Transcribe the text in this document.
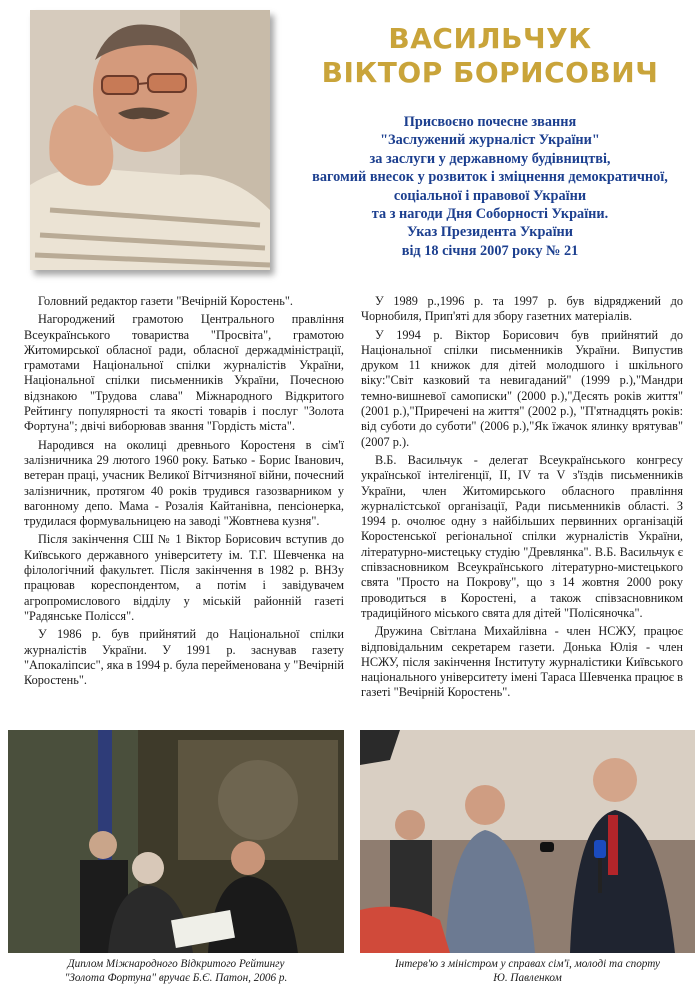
ВАСИЛЬЧУК
ВІКТОР БОРИСОВИЧ
Присвоєно почесне звання
"Заслужений журналіст України"
за заслуги у державному будівництві,
вагомий внесок у розвиток і зміцнення демократичної,
соціальної і правової України
та з нагоди Дня Соборності України.
Указ Президента України
від 18 січня 2007 року № 21

Головний редактор газети "Вечірній Коростень".

Нагороджений грамотою Центрального правління Всеукраїнського товариства "Просвіта", грамотою Житомирської обласної ради, обласної держадміністрації, грамотами Національної спілки журналістів України, Національної спілки письменників України, Почесною відзнакою "Трудова слава" Міжнародного Відкритого Рейтингу популярності та якості товарів і послуг "Золота Фортуна"; двічі виборював звання "Гордість міста".

Народився на околиці древнього Коростеня в сім'ї залізничника 29 лютого 1960 року. Батько - Борис Іванович, ветеран праці, учасник Великої Вітчизняної війни, почесний залізничник, протягом 40 років трудився газозварником у вагонному депо. Мама - Розалія Кайтанівна, пенсіонерка, трудилася формувальницею на заводі "Жовтнева кузня".

Після закінчення СШ № 1 Віктор Борисович вступив до Київського державного університету ім. Т.Г. Шевченка на філологічний факультет. Після закінчення в 1982 р. ВНЗу працював кореспондентом, а потім і завідувачем агропромислового відділу у міській районній газеті "Радянське Полісся".

У 1986 р. був прийнятий до Національної спілки журналістів України. У 1991 р. заснував газету "Апокаліпсис", яка в 1994 р. була перейменована у "Вечірній Коростень".

У 1989 р.,1996 р. та 1997 р. був відряджений до Чорнобиля, Прип'яті для збору газетних матеріалів.

У 1994 р. Віктор Борисович був прийнятий до Національної спілки письменників України. Випустив друком 11 книжок для дітей молодшого і шкільного віку:"Світ казковий та невигаданий" (1999 р.),"Мандри темно-вишневої самописки" (2000 р.),"Десять років життя" (2001 р.),"Приречені на життя" (2002 р.), "П'ятнадцять років: від суботи до суботи" (2006 р.),"Як їжачок ялинку врятував" (2007 р.).

В.Б. Васильчук - делегат Всеукраїнського конгресу української інтелігенції, ІІ, IV та V з'їздів письменників України, член Житомирського обласного правління журналістської організації, Ради письменників області. З 1994 р. очолює одну з найбільших первинних організацій Коростенської регіональної спілки журналістів України, літературно-мистецьку студію "Древлянка". В.Б. Васильчук є співзасновником Всеукраїнського літературно-мистецького свята "Просто на Покрову", що з 14 жовтня 2000 року проводиться в Коростені, а також співзасновником традиційного міського свята для дітей "Полісяночка".

Дружина Світлана Михайлівна - член НСЖУ, працює відповідальним секретарем газети. Донька Юлія - член НСЖУ, після закінчення Інституту журналістики Київського національного університету імені Тараса Шевченка працює в газеті "Вечірній Коростень".

Диплом Міжнародного Відкритого Рейтингу
"Золота Фортуна" вручає Б.Є. Патон, 2006 р.
Інтерв'ю з міністром у справах сім'ї, молоді та спорту
Ю. Павленком
